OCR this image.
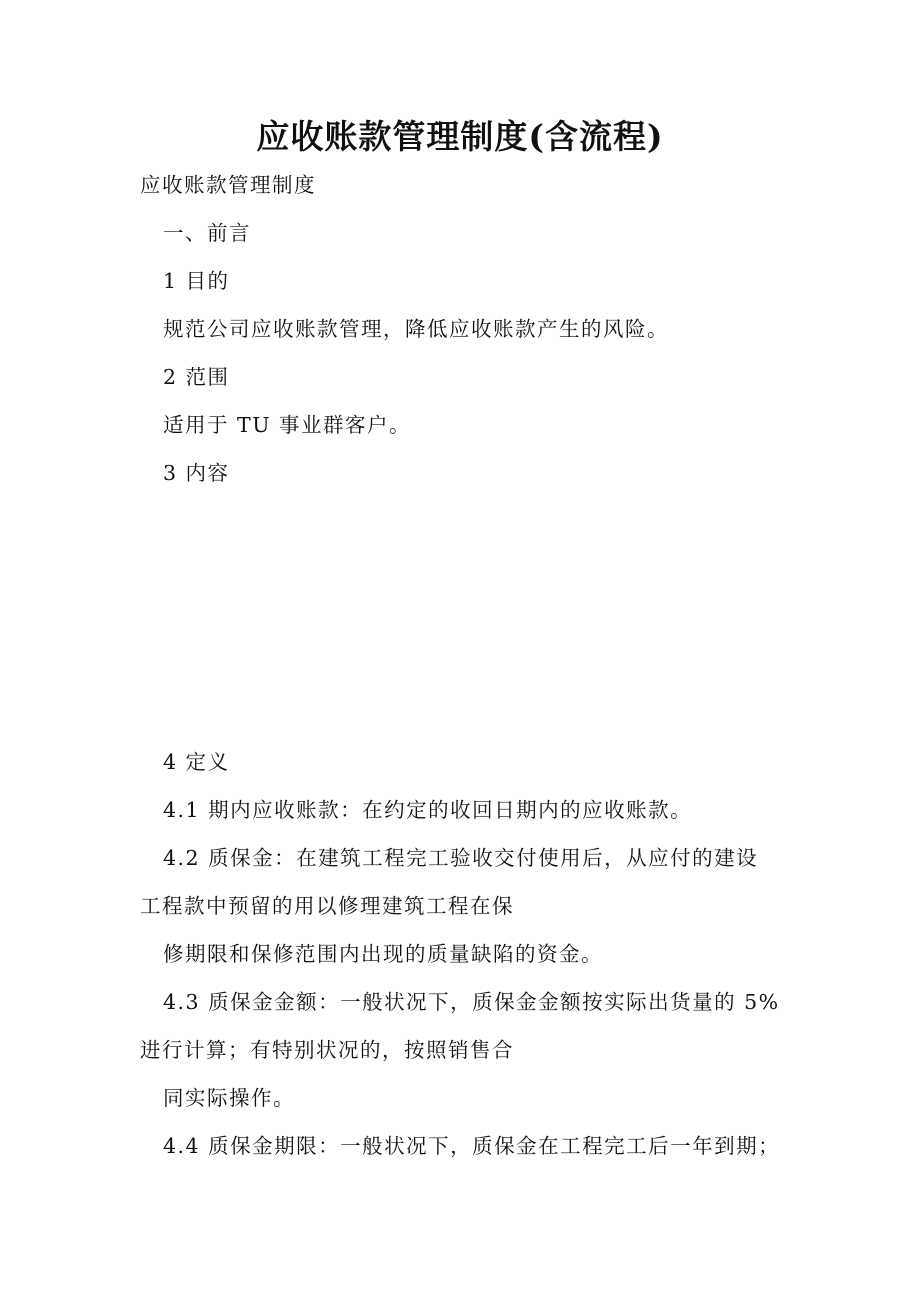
应收账款管理制度(含流程)
应收账款管理制度
一、前言
1 目的
规范公司应收账款管理，降低应收账款产生的风险。
2 范围
适用于 TU 事业群客户。
3 内容
4 定义
4.1 期内应收账款：在约定的收回日期内的应收账款。
4.2 质保金：在建筑工程完工验收交付使用后，从应付的建设
工程款中预留的用以修理建筑工程在保
修期限和保修范围内出现的质量缺陷的资金。
4.3 质保金金额：一般状况下，质保金金额按实际出货量的 5%
进行计算；有特别状况的，按照销售合
同实际操作。
4.4 质保金期限：一般状况下，质保金在工程完工后一年到期；
